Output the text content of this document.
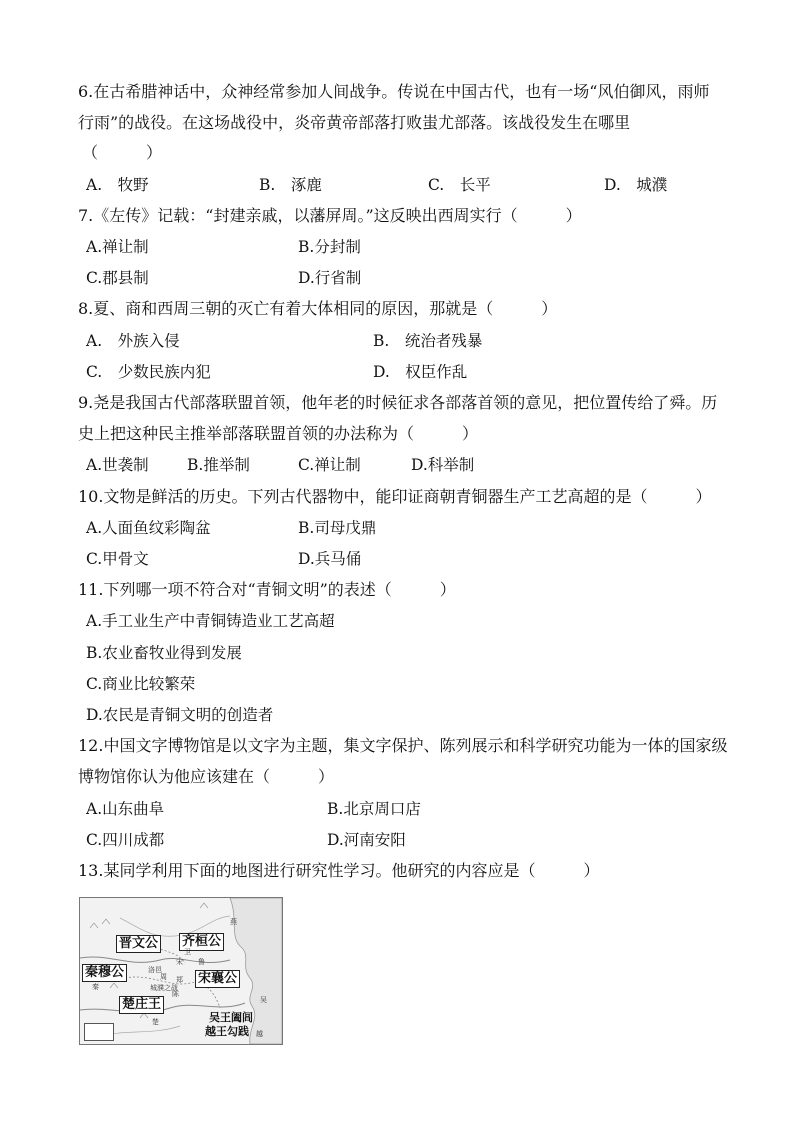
6.在古希腊神话中，众神经常参加人间战争。传说在中国古代，也有一场“风伯御风，雨师
行雨”的战役。在这场战役中，炎帝黄帝部落打败蚩尤部落。该战役发生在哪里
（　　　）
A.　牧野	B.　涿鹿	C.　长平	D.　城濮
7.《左传》记载：“封建亲戚，以藩屏周。”这反映出西周实行（　　　）
A.禅让制	B.分封制
C.郡县制	D.行省制
8.夏、商和西周三朝的灭亡有着大体相同的原因，那就是（　　　）
A.　外族入侵	B.　统治者残暴
C.　少数民族内犯	D.　权臣作乱
9.尧是我国古代部落联盟首领，他年老的时候征求各部落首领的意见，把位置传给了舜。历
史上把这种民主推举部落联盟首领的办法称为（　　　）
A.世袭制 B.推举制	C.禅让制	D.科举制
10.文物是鲜活的历史。下列古代器物中，能印证商朝青铜器生产工艺高超的是（　　　）
A.人面鱼纹彩陶盆	B.司母戊鼎
C.甲骨文	D.兵马俑
11.下列哪一项不符合对“青铜文明”的表述（　　　）
A.手工业生产中青铜铸造业工艺高超
B.农业畜牧业得到发展
C.商业比较繁荣
D.农民是青铜文明的创造者
12.中国文字博物馆是以文字为主题，集文字保护、陈列展示和科学研究功能为一体的国家级
博物馆你认为他应该建在（　　　）
A.山东曲阜	B.北京周口店
C.四川成都	D.河南安阳
13.某同学利用下面的地图进行研究性学习。他研究的内容应是（　　　）
晋文公 齐桓公
秦穆公	宋襄公
楚庄王
吴王阖闾
越王勾践
洛邑
周
鲁
燕
楚
宋
秦
吴
越
郑
卫
陈
城濮之战
